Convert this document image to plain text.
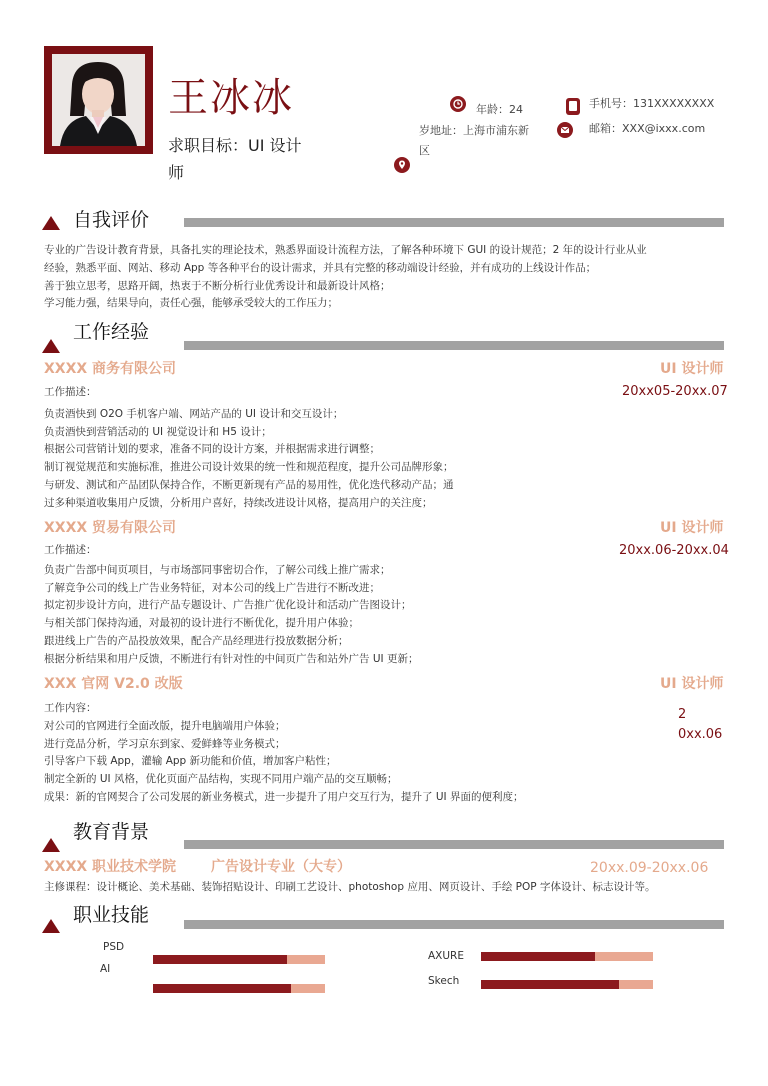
王冰冰
求职目标：UI 设计
师
年龄：24	手机号：131XXXXXXXX
岁地址：上海市浦东新
区
邮箱：XXX@ixxx.com
自我评价
专业的广告设计教育背景，具备扎实的理论技术，熟悉界面设计流程方法，了解各种环境下 GUI 的设计规范；2 年的设计行业从业
经验，熟悉平面、网站、移动 App 等各种平台的设计需求，并具有完整的移动端设计经验，并有成功的上线设计作品；
善于独立思考，思路开阔，热衷于不断分析行业优秀设计和最新设计风格；
学习能力强，结果导向，责任心强，能够承受较大的工作压力；
工作经验
XXXX 商务有限公司	UI 设计师
20xx05-20xx.07
工作描述：
负责酒快到 O2O 手机客户端、网站产品的 UI 设计和交互设计；
负责酒快到营销活动的 UI 视觉设计和 H5 设计；
根据公司营销计划的要求，准备不同的设计方案，并根据需求进行调整；
制订视觉规范和实施标准，推进公司设计效果的统一性和规范程度，提升公司品牌形象；
与研发、测试和产品团队保持合作，不断更新现有产品的易用性，优化迭代移动产品；通
过多种渠道收集用户反馈，分析用户喜好，持续改进设计风格，提高用户的关注度；
XXXX 贸易有限公司	UI 设计师
20xx.06-20xx.04
工作描述：
负责广告部中间页项目，与市场部同事密切合作，了解公司线上推广需求；
了解竞争公司的线上广告业务特征，对本公司的线上广告进行不断改进；
拟定初步设计方向，进行产品专题设计、广告推广优化设计和活动广告图设计；
与相关部门保持沟通，对最初的设计进行不断优化，提升用户体验；
跟进线上广告的产品投放效果，配合产品经理进行投放数据分析；
根据分析结果和用户反馈，不断进行有针对性的中间页广告和站外广告 UI 更新；
XXX 官网 V2.0 改版	UI 设计师
2
0xx.06
工作内容：
对公司的官网进行全面改版，提升电脑端用户体验；
进行竞品分析，学习京东到家、爱鲜蜂等业务模式；
引导客户下载 App，灌输 App 新功能和价值，增加客户粘性；
制定全新的 UI 风格，优化页面产品结构，实现不同用户端产品的交互顺畅；
成果：新的官网契合了公司发展的新业务模式，进一步提升了用户交互行为，提升了 UI 界面的便利度；
教育背景
XXXX 职业技术学院 广告设计专业（大专）	20xx.09-20xx.06
主修课程：设计概论、美术基础、装饰招贴设计、印刷工艺设计、photoshop 应用、网页设计、手绘 POP 字体设计、标志设计等。
职业技能
PSD
AI
AXURE
Skech
